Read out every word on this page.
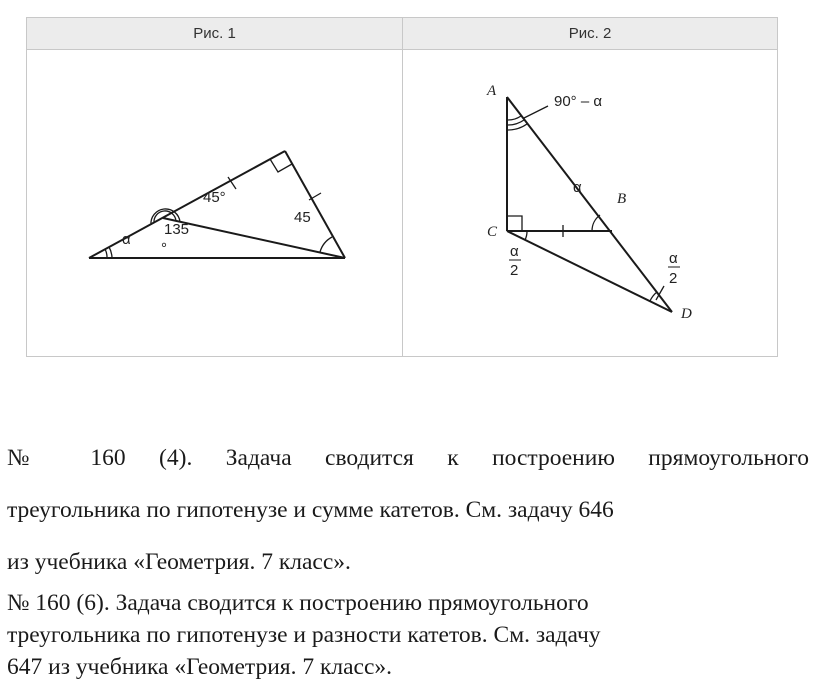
Рис. 1	Рис. 2
α
45°
45
135
°
A
B
C
D
90° – α
α
α
2
α
2
№ 160 (4). Задача сводится к построению прямоугольного
треугольника по гипотенузе и сумме катетов. См. задачу 646
из учебника «Геометрия. 7 класс».
№ 160 (6). Задача сводится к построению прямоугольного
треугольника по гипотенузе и разности катетов. См. задачу
647 из учебника «Геометрия. 7 класс».
